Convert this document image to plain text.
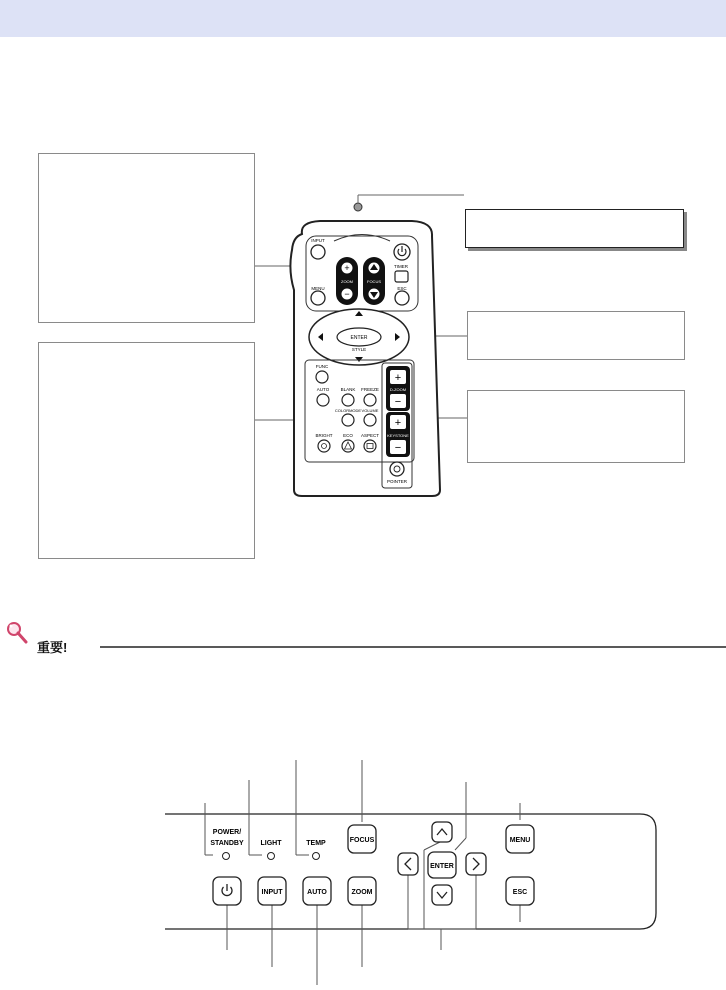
INPUT
+
−
ZOOM	FOCUS
TIMER
MENU	ESC
ENTER
STYLE
FUNC
AUTO	BLANK FREEZE
+
D-ZOOM
−
COLORMODE VOLUME
+
KEYSTONE
−
BRIGHT ECO ASPECT
POINTER
重要!
POWER/
STANDBY LIGHT	TEMP	FOCUS
ENTER
MENU
INPUT	AUTO	ZOOM	ESC
